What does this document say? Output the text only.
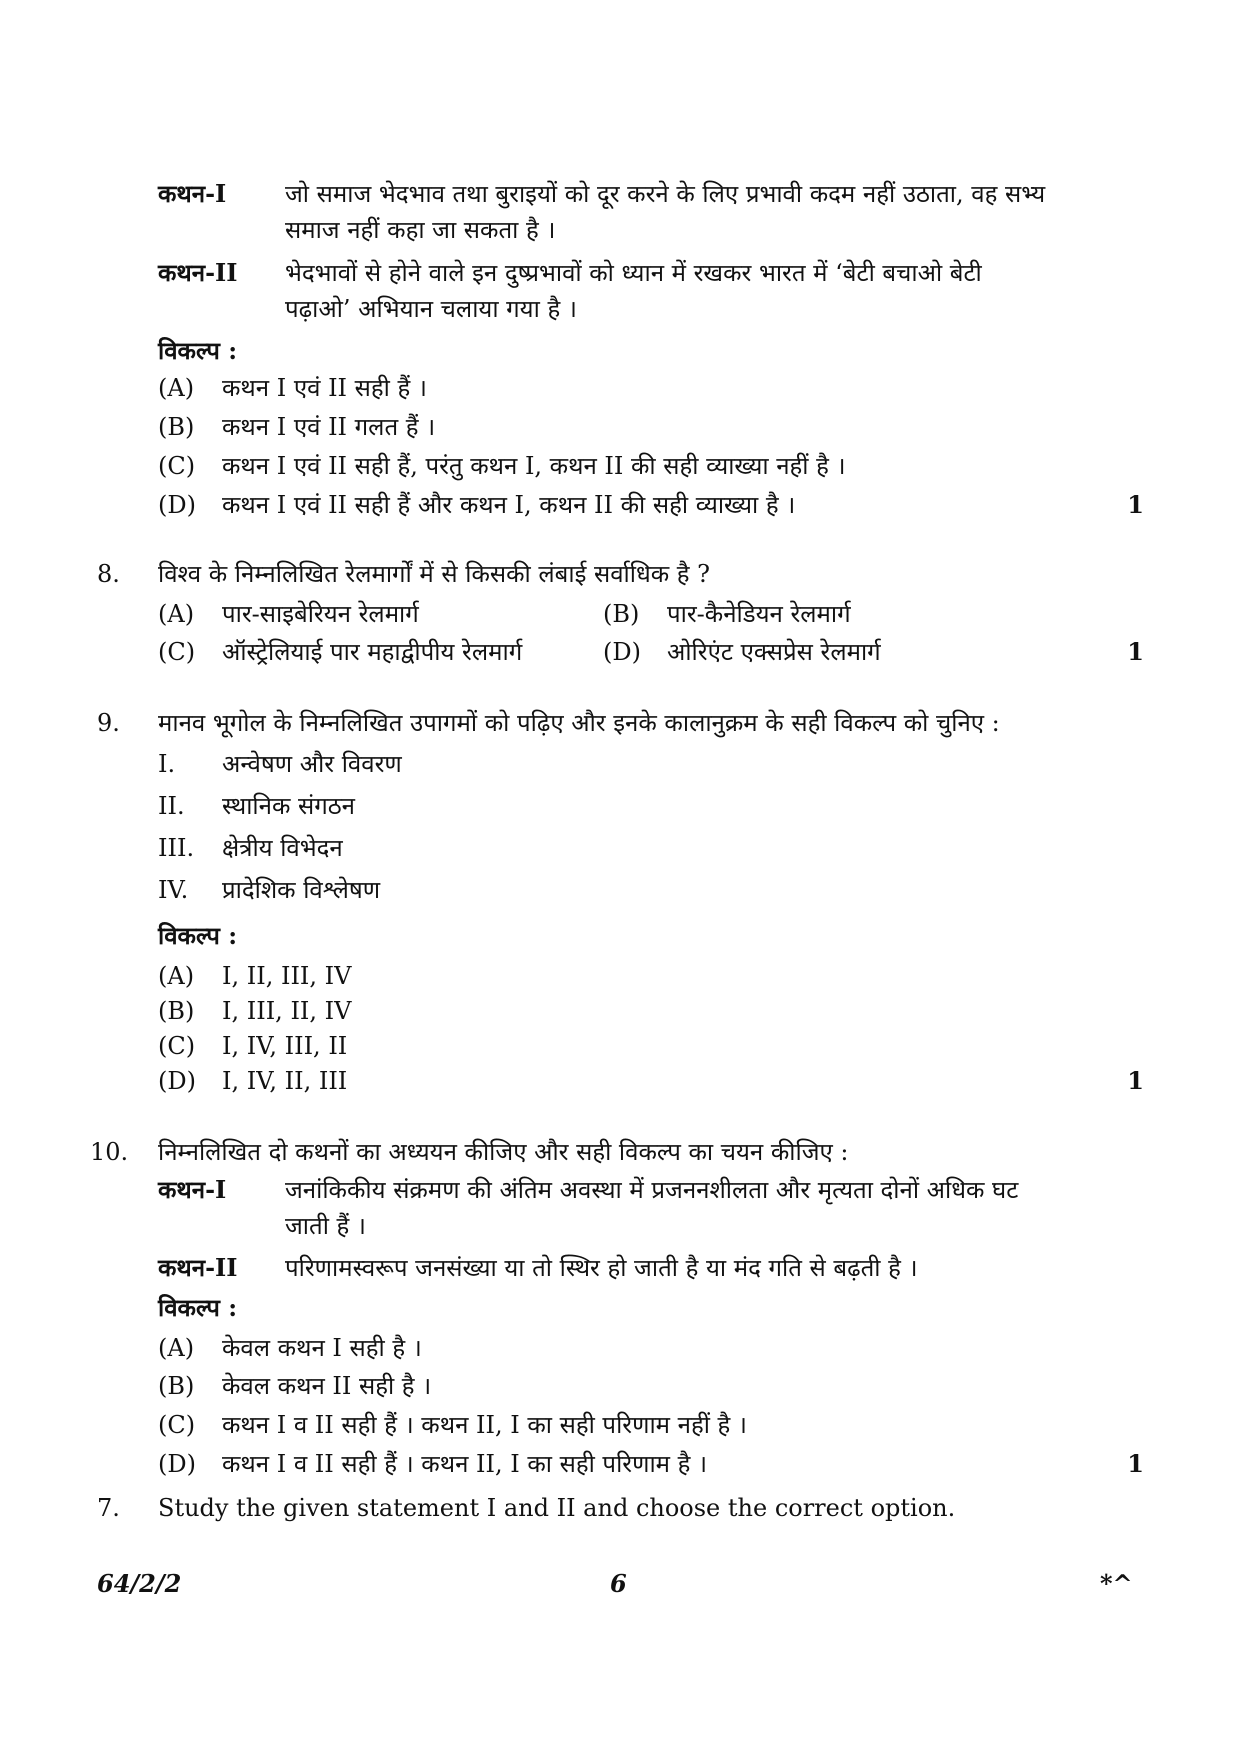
कथन-I जो समाज भेदभाव तथा बुराइयों को दूर करने के लिए प्रभावी कदम नहीं उठाता, वह सभ्य
समाज नहीं कहा जा सकता है ।
कथन-II भेदभावों से होने वाले इन दुष्प्रभावों को ध्यान में रखकर भारत में ‘बेटी बचाओ बेटी
पढ़ाओ’ अभियान चलाया गया है ।
विकल्प :
(A) कथन I एवं II सही हैं ।
(B) कथन I एवं II गलत हैं ।
(C) कथन I एवं II सही हैं, परंतु कथन I, कथन II की सही व्याख्या नहीं है ।
(D) कथन I एवं II सही हैं और कथन I, कथन II की सही व्याख्या है ।	1
8. विश्व के निम्नलिखित रेलमार्गों में से किसकी लंबाई सर्वाधिक है ?
(A) पार-साइबेरियन रेलमार्ग	(B) पार-कैनेडियन रेलमार्ग
(C) ऑस्ट्रेलियाई पार महाद्वीपीय रेलमार्ग	(D) ओरिएंट एक्सप्रेस रेलमार्ग	1
9. मानव भूगोल के निम्नलिखित उपागमों को पढ़िए और इनके कालानुक्रम के सही विकल्प को चुनिए :
I. अन्वेषण और विवरण
II. स्थानिक संगठन
III. क्षेत्रीय विभेदन
IV. प्रादेशिक विश्लेषण
विकल्प :
(A) I, II, III, IV
(B) I, III, II, IV
(C) I, IV, III, II
(D) I, IV, II, III	1
10. निम्नलिखित दो कथनों का अध्ययन कीजिए और सही विकल्प का चयन कीजिए :
कथन-I जनांकिकीय संक्रमण की अंतिम अवस्था में प्रजननशीलता और मृत्यता दोनों अधिक घट
जाती हैं ।
कथन-II परिणामस्वरूप जनसंख्या या तो स्थिर हो जाती है या मंद गति से बढ़ती है ।
विकल्प :
(A) केवल कथन I सही है ।
(B) केवल कथन II सही है ।
(C) कथन I व II सही हैं । कथन II, I का सही परिणाम नहीं है ।
(D) कथन I व II सही हैं । कथन II, I का सही परिणाम है ।	1
7. Study the given statement I and II and choose the correct option.
64/2/2	6	*^
